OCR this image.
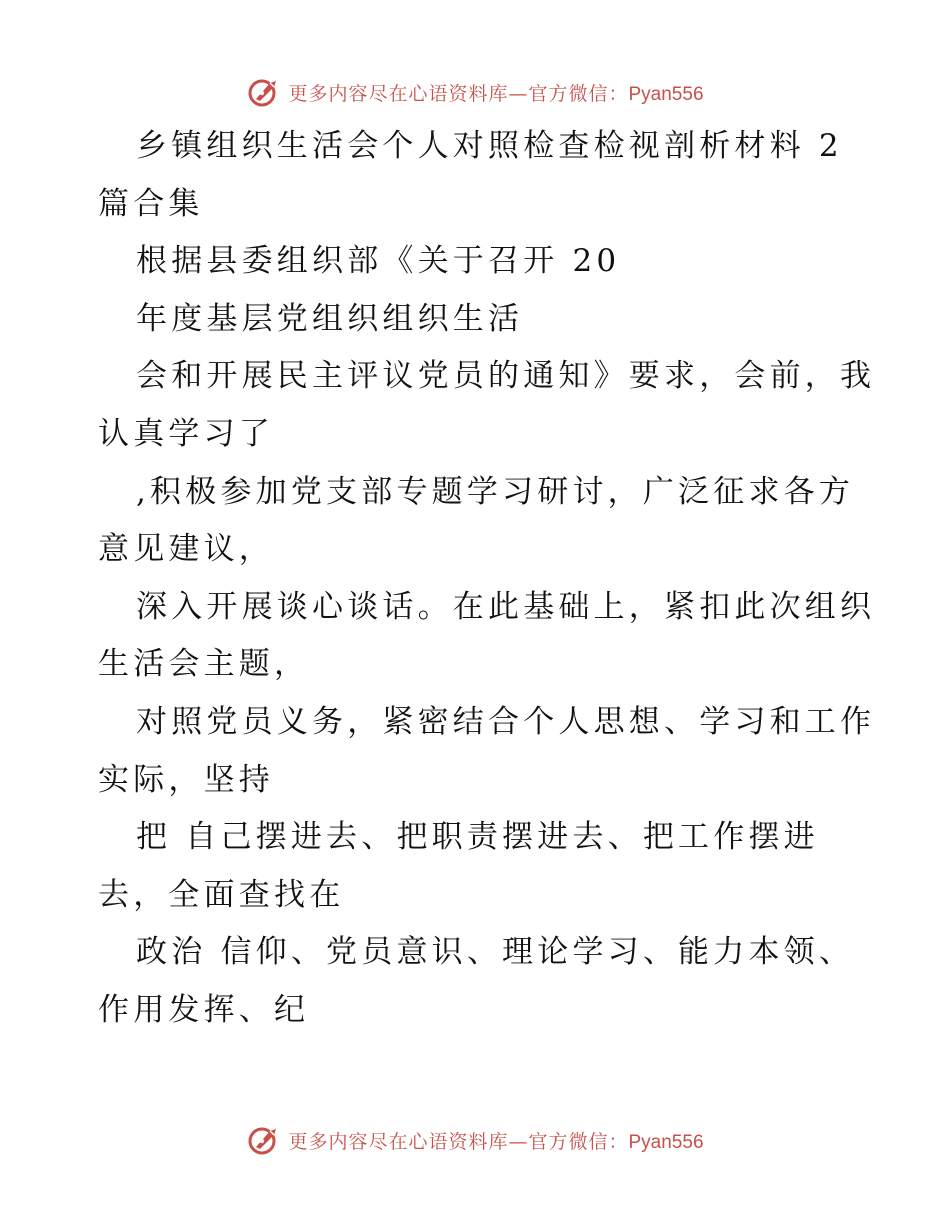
更多内容尽在心语资料库—官方微信：Pyan556
乡镇组织生活会个人对照检查检视剖析材料 2
篇合集
根据县委组织部《关于召开 20
年度基层党组织组织生活
会和开展民主评议党员的通知》要求，会前，我
认真学习了
,积极参加党支部专题学习研讨，广泛征求各方
意见建议，
深入开展谈心谈话。在此基础上，紧扣此次组织
生活会主题，
对照党员义务，紧密结合个人思想、学习和工作
实际，坚持
把 自己摆进去、把职责摆进去、把工作摆进
去，全面查找在
政治 信仰、党员意识、理论学习、能力本领、
作用发挥、纪
更多内容尽在心语资料库—官方微信：Pyan556
